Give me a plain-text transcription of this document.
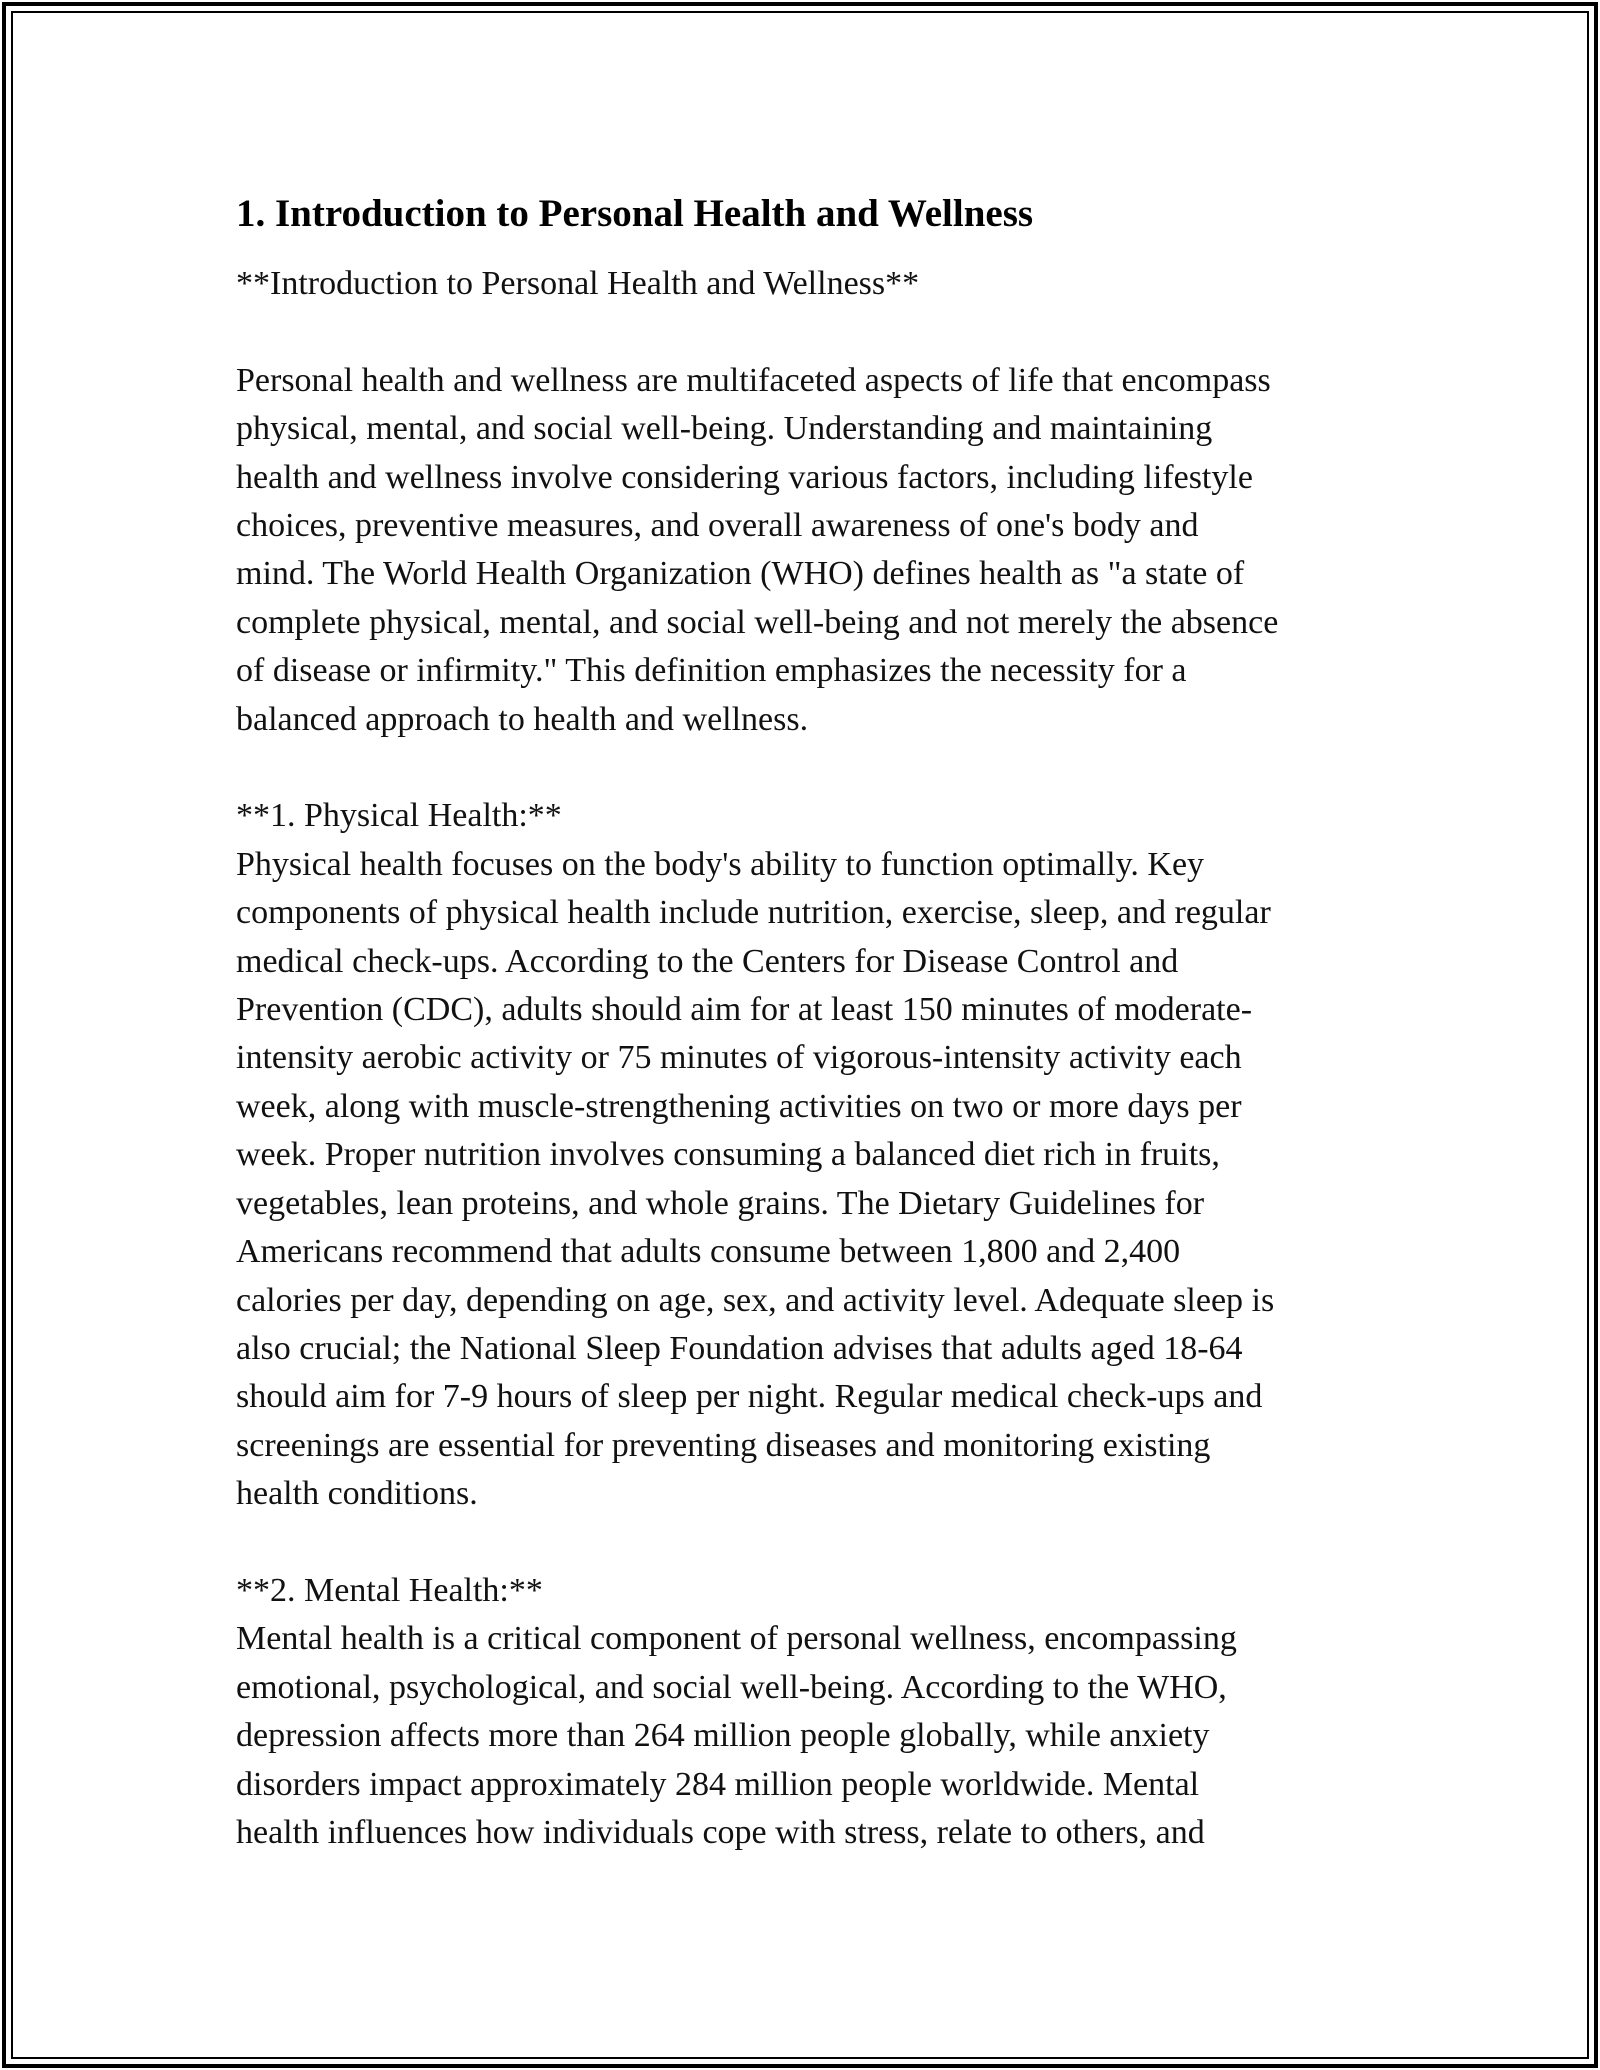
1. Introduction to Personal Health and Wellness

**Introduction to Personal Health and Wellness**

Personal health and wellness are multifaceted aspects of life that encompass
physical, mental, and social well-being. Understanding and maintaining
health and wellness involve considering various factors, including lifestyle
choices, preventive measures, and overall awareness of one's body and
mind. The World Health Organization (WHO) defines health as "a state of
complete physical, mental, and social well-being and not merely the absence
of disease or infirmity." This definition emphasizes the necessity for a
balanced approach to health and wellness.

**1. Physical Health:**

Physical health focuses on the body's ability to function optimally. Key
components of physical health include nutrition, exercise, sleep, and regular
medical check-ups. According to the Centers for Disease Control and
Prevention (CDC), adults should aim for at least 150 minutes of moderate-
intensity aerobic activity or 75 minutes of vigorous-intensity activity each
week, along with muscle-strengthening activities on two or more days per
week. Proper nutrition involves consuming a balanced diet rich in fruits,
vegetables, lean proteins, and whole grains. The Dietary Guidelines for
Americans recommend that adults consume between 1,800 and 2,400
calories per day, depending on age, sex, and activity level. Adequate sleep is
also crucial; the National Sleep Foundation advises that adults aged 18-64
should aim for 7-9 hours of sleep per night. Regular medical check-ups and
screenings are essential for preventing diseases and monitoring existing
health conditions.

**2. Mental Health:**

Mental health is a critical component of personal wellness, encompassing
emotional, psychological, and social well-being. According to the WHO,
depression affects more than 264 million people globally, while anxiety
disorders impact approximately 284 million people worldwide. Mental
health influences how individuals cope with stress, relate to others, and
